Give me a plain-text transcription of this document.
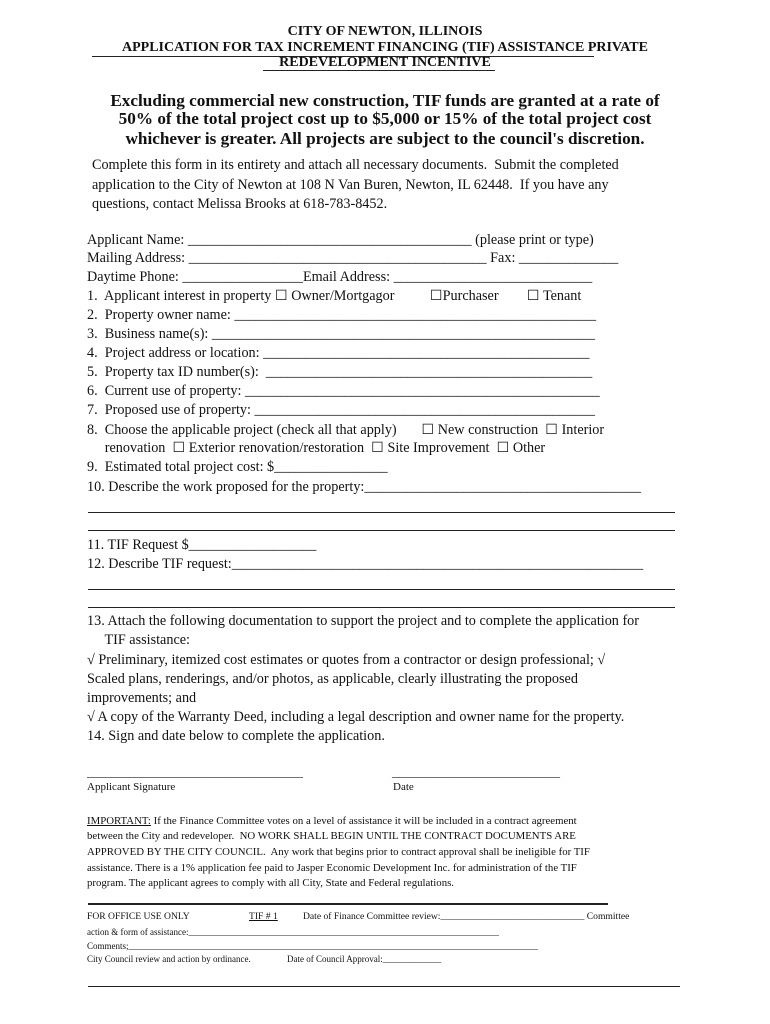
CITY OF NEWTON, ILLINOIS
APPLICATION FOR TAX INCREMENT FINANCING (TIF) ASSISTANCE PRIVATE
REDEVELOPMENT INCENTIVE
Excluding commercial new construction, TIF funds are granted at a rate of
50% of the total project cost up to $5,000 or 15% of the total project cost
whichever is greater. All projects are subject to the council's discretion.
Complete this form in its entirety and attach all necessary documents.  Submit the completed
application to the City of Newton at 108 N Van Buren, Newton, IL 62448.  If you have any
questions, contact Melissa Brooks at 618-783-8452.
Applicant Name: ________________________________________ (please print or type)
Mailing Address: __________________________________________ Fax: ______________
Daytime Phone: _________________Email Address: ____________________________
1.  Applicant interest in property ☐ Owner/Mortgagor          ☐Purchaser        ☐ Tenant
2.  Property owner name: ___________________________________________________
3.  Business name(s): ______________________________________________________
4.  Project address or location: ______________________________________________
5.  Property tax ID number(s):  ______________________________________________
6.  Current use of property: __________________________________________________
7.  Proposed use of property: ________________________________________________
8.  Choose the applicable project (check all that apply)       ☐ New construction  ☐ Interior
renovation  ☐ Exterior renovation/restoration  ☐ Site Improvement  ☐ Other
9.  Estimated total project cost: $________________
10. Describe the work proposed for the property:_______________________________________
11. TIF Request $__________________
12. Describe TIF request:__________________________________________________________
13. Attach the following documentation to support the project and to complete the application for
TIF assistance:
√ Preliminary, itemized cost estimates or quotes from a contractor or design professional; √
Scaled plans, renderings, and/or photos, as applicable, clearly illustrating the proposed
improvements; and
√ A copy of the Warranty Deed, including a legal description and owner name for the property.
14. Sign and date below to complete the application.
____________________________________	____________________________
Applicant Signature	Date
IMPORTANT: If the Finance Committee votes on a level of assistance it will be included in a contract agreement
between the City and redeveloper.  NO WORK SHALL BEGIN UNTIL THE CONTRACT DOCUMENTS ARE
APPROVED BY THE CITY COUNCIL.  Any work that begins prior to contract approval shall be ineligible for TIF
assistance. There is a 1% application fee paid to Jasper Economic Development Inc. for administration of the TIF
program. The applicant agrees to comply with all City, State and Federal regulations.
FOR OFFICE USE ONLY	TIF # 1	Date of Finance Committee review:______________________________ Committee
action & form of assistance:_____________________________________________________________________
Comments;___________________________________________________________________________________________
City Council review and action by ordinance.	Date of Council Approval:_____________
